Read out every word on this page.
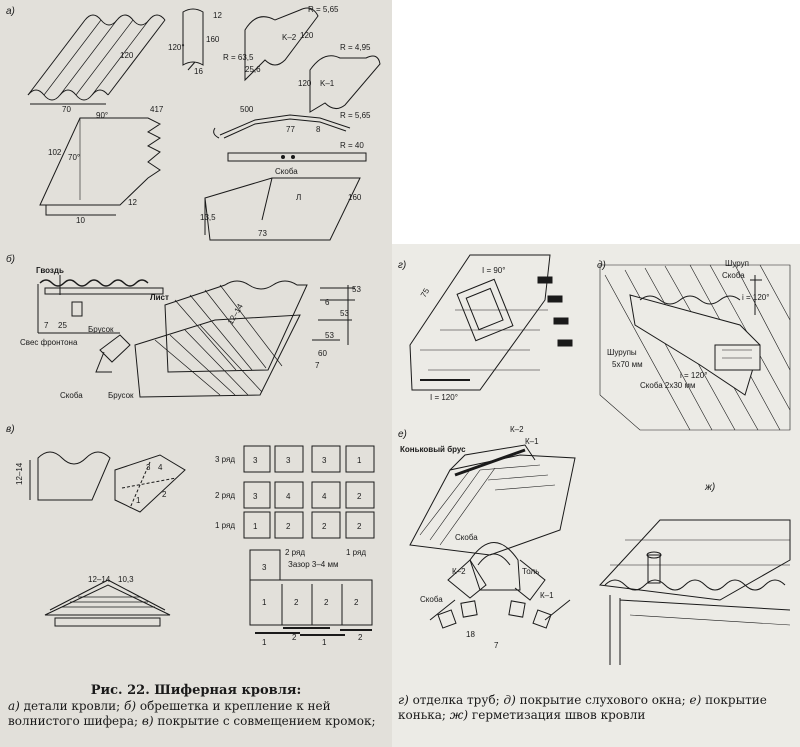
а)
б)
в)
г)	д)
е)
ж)
70
120
120°
160
16
12
R = 63,5
R = 5,65
K–2 120
25,6
R = 4,95
120 K–1
90°
417
102
70°
10
12
500
77	8
R = 5,65
R = 40
Скоба
Л	160
13,5
73
Гвоздь
Лист
Свес фронтона
Брусок
Скоба	Брусок
7 25	12–14	6
53
53
53
7
60
12–14
12–14 10,3
3 4
1
2
3 ряд
2 ряд
1 ряд
3	3	3	1
3	4	4	2
1	2	2	2
2 ряд	1 ряд
Зазор 3–4 мм
3
1	2	2	2
1
2
1
2
I = 90°
75
I = 120°
Шуруп
Скоба
i = 120°
Шурупы
5x70 мм
i = 120°
Скоба 2x30 мм
К–2
К–1
Коньковый брус
Скоба
К–2	Толь
К–1
Скоба
18
7
Рис. 22. Шиферная кровля:
а) детали кровли; б) обрешетка и крепление к ней волнистого шифера; в) покрытие с совмещением кромок;
г) отделка труб; д) покрытие слухового окна; е) покрытие конька; ж) герметизация швов кровли
